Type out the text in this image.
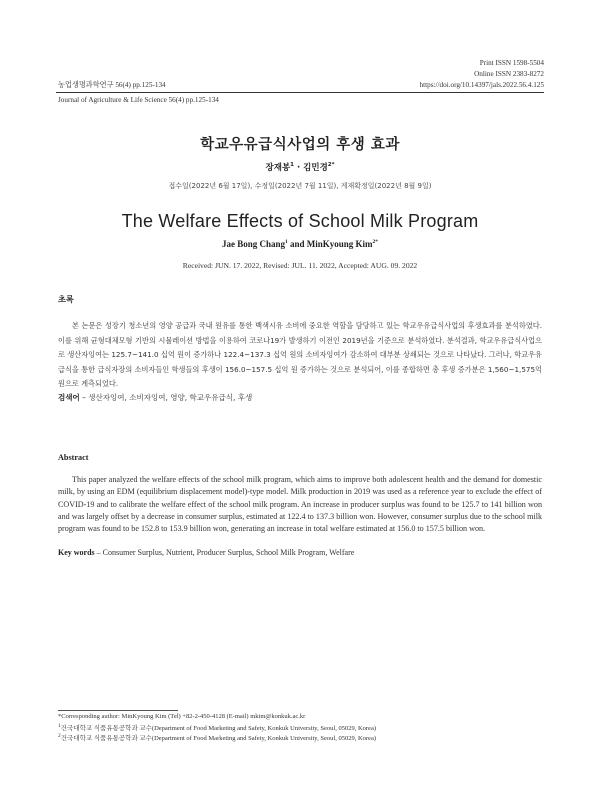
Print ISSN 1598-5504
Online ISSN 2383-8272
https://doi.org/10.14397/jals.2022.56.4.125
농업생명과학연구 56(4) pp.125-134
Journal of Agriculture & Life Science 56(4) pp.125-134
학교우유급식사업의 후생 효과
장재봉$^1$ · 김민경$^{2*}$
접수일(2022년 6월 17일), 수정일(2022년 7월 11일), 게재확정일(2022년 8월 9일)
The Welfare Effects of School Milk Program
Jae Bong Chang$^1$ and MinKyoung Kim$^{2*}$
Received: JUN. 17. 2022, Revised: JUL. 11. 2022, Accepted: AUG. 09. 2022
초록
본 논문은 성장기 청소년의 영양 공급과 국내 원유를 통한 백색시유 소비에 중요한 역할을 담당하고 있는 학교우유급식사업의 후생효과를 분석하였다. 이를 위해 균형대체모형 기반의 시뮬레이션 방법을 이용하여 코로나19가 발생하기 이전인 2019년을 기준으로 분석하였다. 분석결과, 학교우유급식사업으로 생산자잉여는 125.7~141.0 십억 원이 증가하나 122.4~137.3 십억 원의 소비자잉여가 감소하여 대부분 상쇄되는 것으로 나타났다. 그러나, 학교우유급식을 통한 급식자장의 소비자들인 학생들의 후생이 156.0~157.5 십억 원 증가하는 것으로 분석되어, 이를 종합하면 총 후생 증가분은 1,560~1,575억 원으로 계측되었다.
검색어 – 생산자잉여, 소비자잉여, 영양, 학교우유급식, 후생
Abstract
This paper analyzed the welfare effects of the school milk program, which aims to improve both adolescent health and the demand for domestic milk, by using an EDM (equilibrium displacement model)-type model. Milk production in 2019 was used as a reference year to exclude the effect of COVID-19 and to calibrate the welfare effect of the school milk program. An increase in producer surplus was found to be 125.7 to 141 billion won and was largely offset by a decrease in consumer surplus, estimated at 122.4 to 137.3 billion won. However, consumer surplus due to the school milk program was found to be 152.8 to 153.9 billion won, generating an increase in total welfare estimated at 156.0 to 157.5 billion won.
Key words – Consumer Surplus, Nutrient, Producer Surplus, School Milk Program, Welfare
*Corresponding author: MinKyoung Kim (Tel) +82-2-450-4128 (E-mail) mkim@konkuk.ac.kr
$^1$건국대학교 식품유통공학과 교수(Department of Food Marketing and Safety, Konkuk University, Seoul, 05029, Korea)
$^2$건국대학교 식품유통공학과 교수(Department of Food Marketing and Safety, Konkuk University, Seoul, 05029, Korea)
